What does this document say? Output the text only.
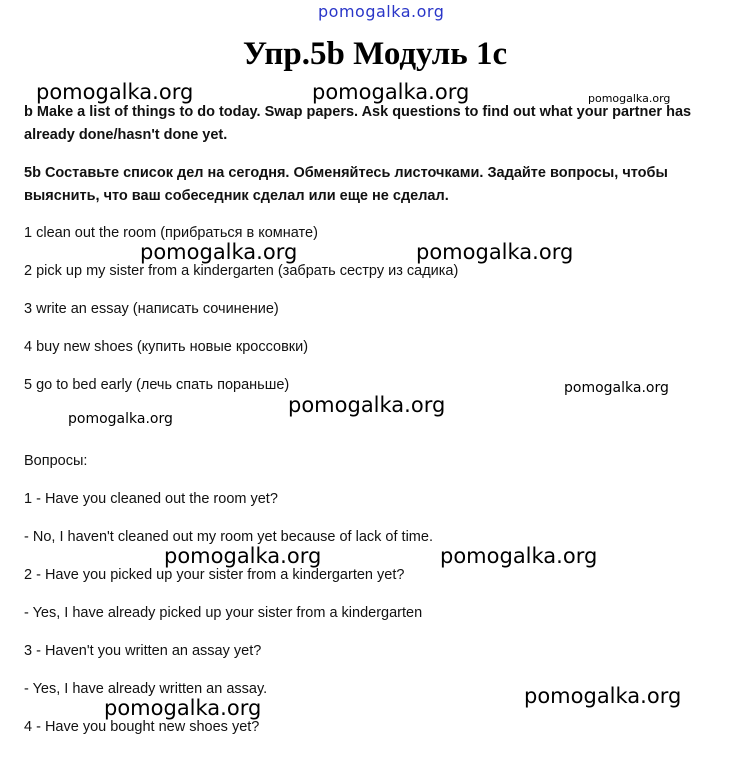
pomogalka.org
Упр.5b Модуль 1c
b Make a list of things to do today. Swap papers. Ask questions to find out what your partner has already done/hasn't done yet.
5b Составьте список дел на сегодня. Обменяйтесь листочками. Задайте вопросы, чтобы выяснить, что ваш собеседник сделал или еще не сделал.
1 clean out the room (прибраться в комнате)
2 pick up my sister from a kindergarten (забрать сестру из садика)
3 write an essay (написать сочинение)
4 buy new shoes (купить новые кроссовки)
5 go to bed early (лечь спать пораньше)
Вопросы:
1 - Have you cleaned out the room yet?
- No, I haven't cleaned out my room yet because of lack of time.
2 - Have you picked up your sister from a kindergarten yet?
- Yes, I have already picked up your sister from a kindergarten
3 - Haven't you written an assay yet?
- Yes, I have already written an assay.
4 - Have you bought new shoes yet?
pomogalka.org	pomogalka.org	pomogalka.org
pomogalka.org	pomogalka.org
pomogalka.org
pomogalka.org
pomogalka.org
pomogalka.org	pomogalka.org
pomogalka.org
pomogalka.org
